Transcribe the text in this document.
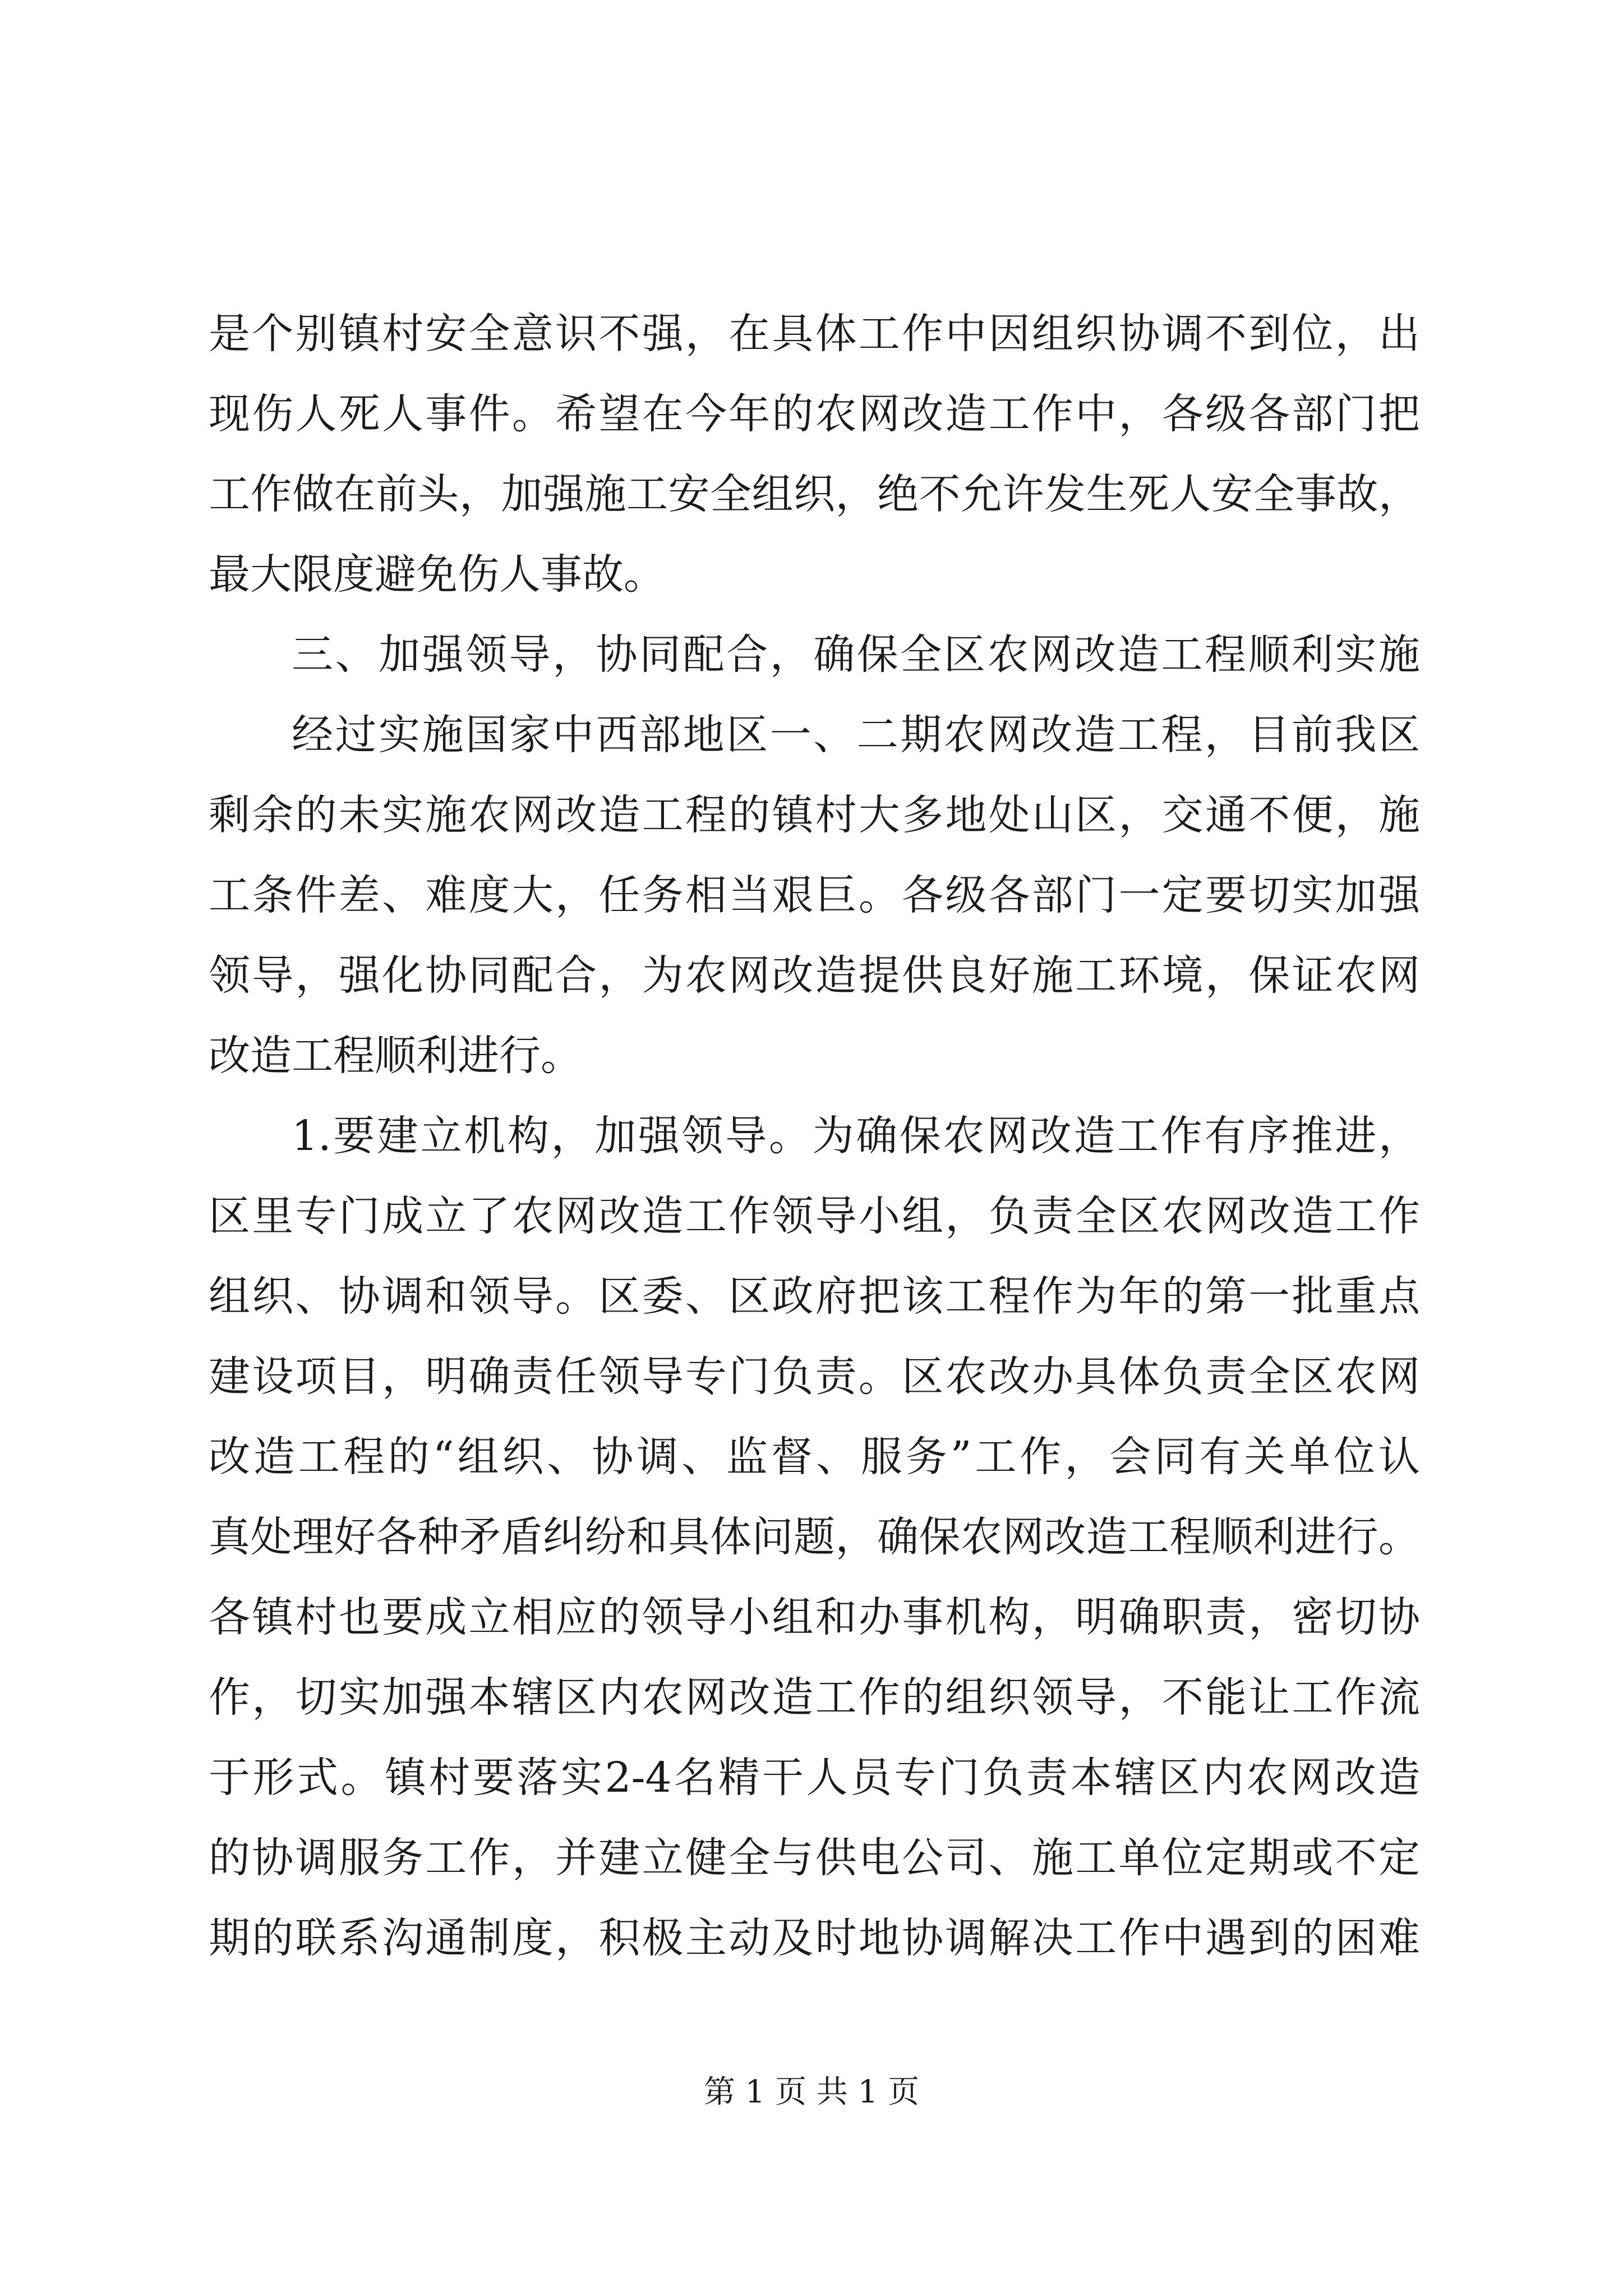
是个别镇村安全意识不强，在具体工作中因组织协调不到位，出
现伤人死人事件。希望在今年的农网改造工作中，各级各部门把
工作做在前头，加强施工安全组织，绝不允许发生死人安全事故，
最大限度避免伤人事故。
三、加强领导，协同配合，确保全区农网改造工程顺利实施
经过实施国家中西部地区一、二期农网改造工程，目前我区
剩余的未实施农网改造工程的镇村大多地处山区，交通不便，施
工条件差、难度大，任务相当艰巨。各级各部门一定要切实加强
领导，强化协同配合，为农网改造提供良好施工环境，保证农网
改造工程顺利进行。
1.要建立机构，加强领导。为确保农网改造工作有序推进，
区里专门成立了农网改造工作领导小组，负责全区农网改造工作
组织、协调和领导。区委、区政府把该工程作为年的第一批重点
建设项目，明确责任领导专门负责。区农改办具体负责全区农网
改造工程的“组织、协调、监督、服务”工作，会同有关单位认
真处理好各种矛盾纠纷和具体问题，确保农网改造工程顺利进行。
各镇村也要成立相应的领导小组和办事机构，明确职责，密切协
作，切实加强本辖区内农网改造工作的组织领导，不能让工作流
于形式。镇村要落实2-4名精干人员专门负责本辖区内农网改造
的协调服务工作，并建立健全与供电公司、施工单位定期或不定
期的联系沟通制度，积极主动及时地协调解决工作中遇到的困难
第 1 页 共 1 页
